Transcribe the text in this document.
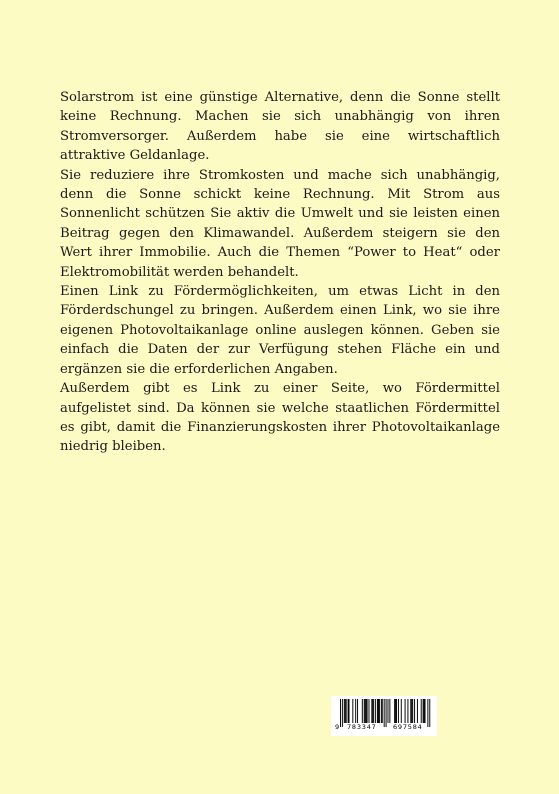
Solarstrom ist eine günstige Alternative, denn die Sonne stellt keine Rechnung. Machen sie sich unabhängig von ihren Stromversorger. Außerdem habe sie eine wirtschaftlich attraktive Geldanlage.

Sie reduziere ihre Stromkosten und mache sich unabhängig, denn die Sonne schickt keine Rechnung. Mit Strom aus Sonnenlicht schützen Sie aktiv die Umwelt und sie leisten einen Beitrag gegen den Klimawandel. Außerdem steigern sie den Wert ihrer Immobilie. Auch die Themen “Power to Heat“ oder Elektromobilität werden behandelt.

Einen Link zu Fördermöglichkeiten, um etwas Licht in den Förderdschungel zu bringen. Außerdem einen Link, wo sie ihre eigenen Photovoltaikanlage online auslegen können. Geben sie einfach die Daten der zur Verfügung stehen Fläche ein und ergänzen sie die erforderlichen Angaben.

Außerdem gibt es Link zu einer Seite, wo Fördermittel aufgelistet sind. Da können sie welche staatlichen Fördermittel es gibt, damit die Finanzierungskosten ihrer Photovoltaikanlage niedrig bleiben.

9 783347	697584
